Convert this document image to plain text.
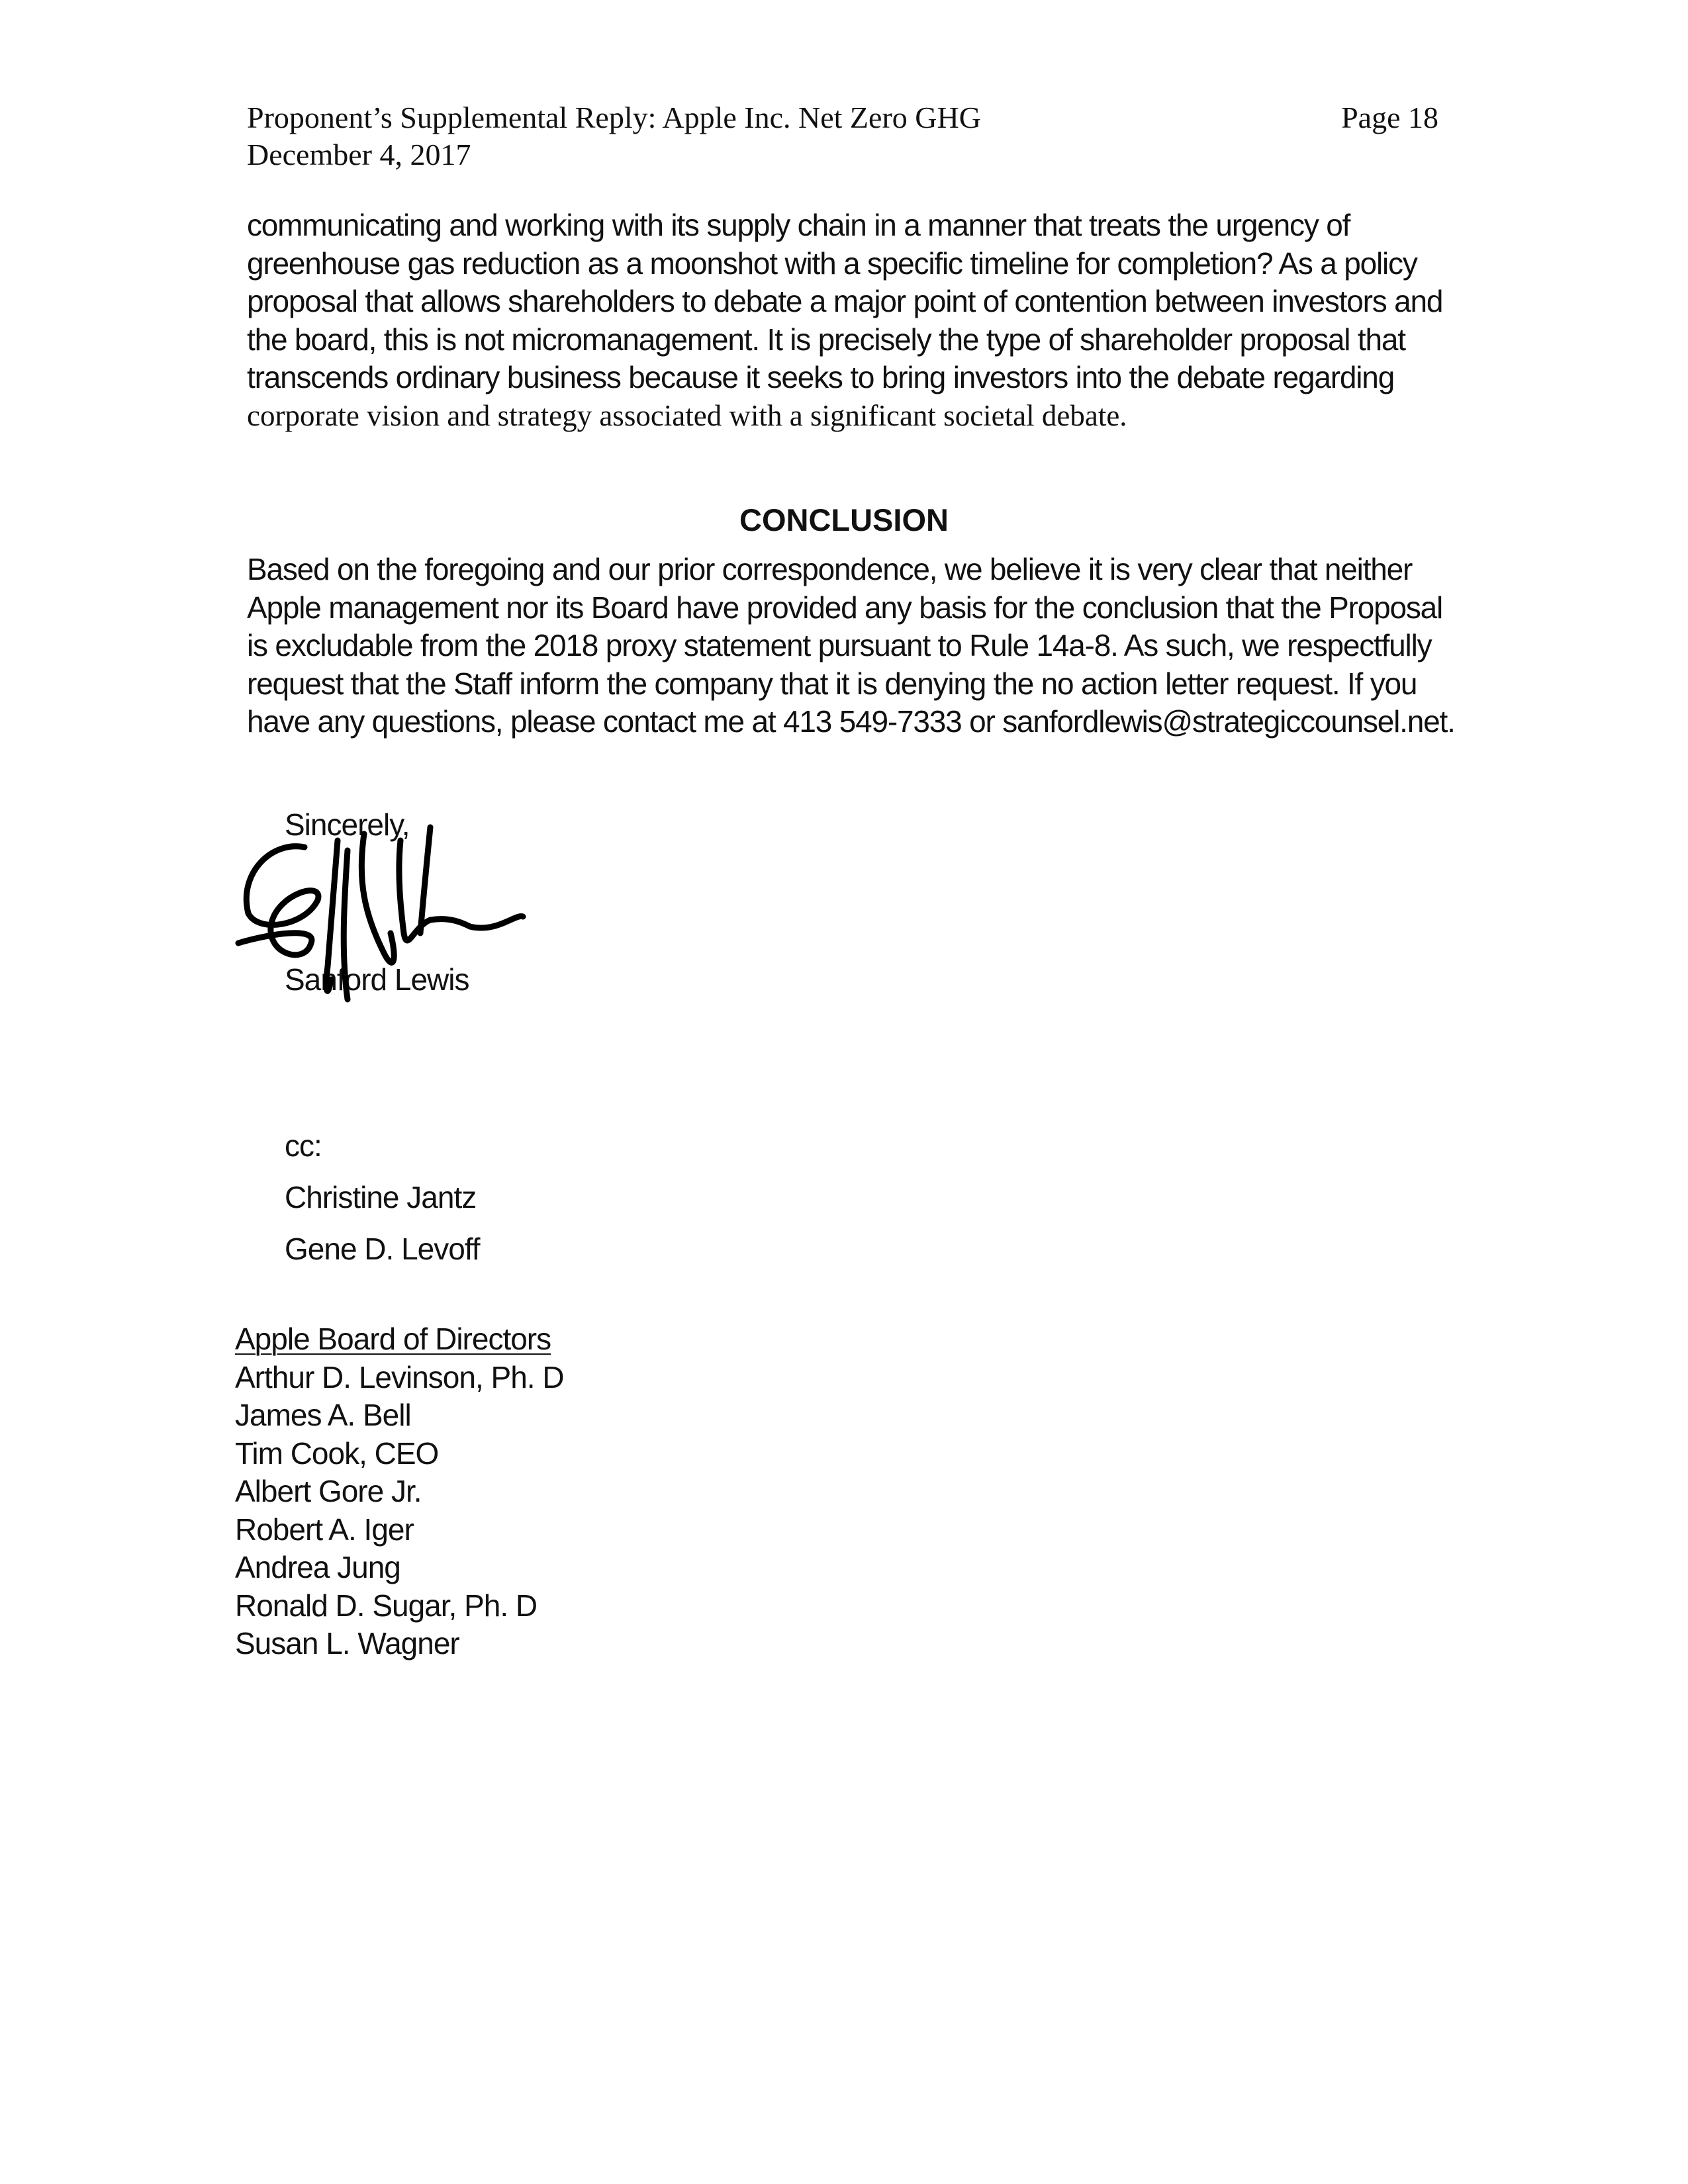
Proponent’s Supplemental Reply: Apple Inc. Net Zero GHG
December 4, 2017
Page 18
communicating and working with its supply chain in a manner that treats the urgency of
greenhouse gas reduction as a moonshot with a specific timeline for completion? As a policy
proposal that allows shareholders to debate a major point of contention between investors and
the board, this is not micromanagement. It is precisely the type of shareholder proposal that
transcends ordinary business because it seeks to bring investors into the debate regarding
corporate vision and strategy associated with a significant societal debate.
CONCLUSION
Based on the foregoing and our prior correspondence, we believe it is very clear that neither
Apple management nor its Board have provided any basis for the conclusion that the Proposal
is excludable from the 2018 proxy statement pursuant to Rule 14a-8. As such, we respectfully
request that the Staff inform the company that it is denying the no action letter request. If you
have any questions, please contact me at 413 549-7333 or sanfordlewis@strategiccounsel.net.
Sincerely,
Sanford Lewis
cc:
Christine Jantz
Gene D. Levoff
Apple Board of Directors
Arthur D. Levinson, Ph. D
James A. Bell
Tim Cook, CEO
Albert Gore Jr.
Robert A. Iger
Andrea Jung
Ronald D. Sugar, Ph. D
Susan L. Wagner
